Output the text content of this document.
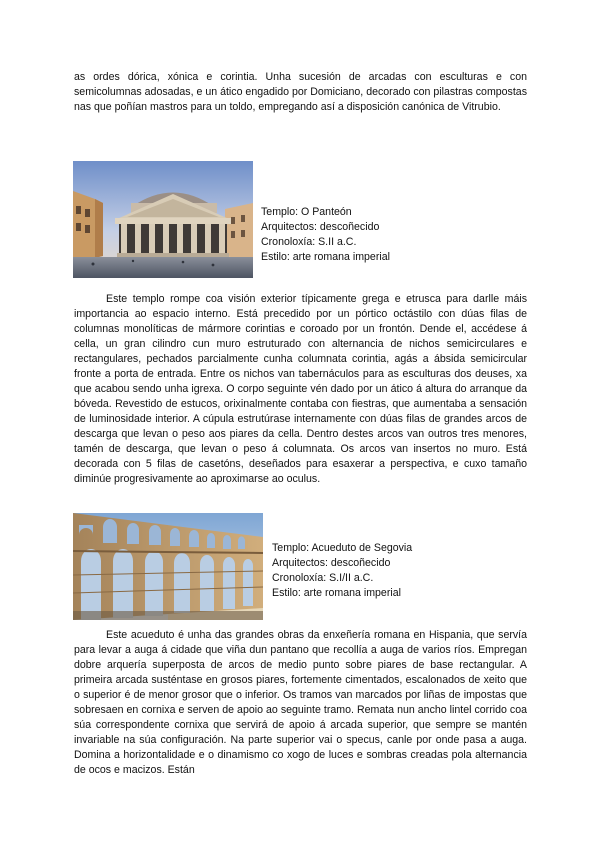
as ordes dórica, xónica e corintia. Unha sucesión de arcadas con esculturas e con semicolumnas adosadas, e un ático engadido por Domiciano, decorado con pilastras compostas nas que poñían mastros para un toldo, empregando así a disposición canónica de Vitrubio.

Templo: O Panteón
Arquitectos: descoñecido
Cronoloxía: S.II a.C.
Estilo: arte romana imperial

Este templo rompe coa visión exterior típicamente grega e etrusca para darlle máis importancia ao espacio interno. Está precedido por un pórtico octástilo con dúas filas de columnas monolíticas de mármore corintias e coroado por un frontón. Dende el, accédese á cella, un gran cilindro cun muro estruturado con alternancia de nichos semicirculares e rectangulares, pechados parcialmente cunha columnata corintia, agás a ábsida semicircular fronte a porta de entrada. Entre os nichos van tabernáculos para as esculturas dos deuses, xa que acabou sendo unha igrexa. O corpo seguinte vén dado por un ático á altura do arranque da bóveda. Revestido de estucos, orixinalmente contaba con fiestras, que aumentaba a sensación de luminosidade interior. A cúpula estrutúrase internamente con dúas filas de grandes arcos de descarga que levan o peso aos piares da cella. Dentro destes arcos van outros tres menores, tamén de descarga, que levan o peso á columnata. Os arcos van insertos no muro. Está decorada con 5 filas de casetóns, deseñados para esaxerar a perspectiva, e cuxo tamaño diminúe progresivamente ao aproximarse ao oculus.

Templo: Acueduto de Segovia
Arquitectos: descoñecido
Cronoloxía: S.I/II a.C.
Estilo: arte romana imperial

Este acueduto é unha das grandes obras da enxeñería romana en Hispania, que servía para levar a auga á cidade que viña dun pantano que recollía a auga de varios ríos. Empregan dobre arquería superposta de arcos de medio punto sobre piares de base rectangular. A primeira arcada susténtase en grosos piares, fortemente cimentados, escalonados de xeito que o superior é de menor grosor que o inferior. Os tramos van marcados por liñas de impostas que sobresaen en cornixa e serven de apoio ao seguinte tramo. Remata nun ancho lintel corrido coa súa correspondente cornixa que servirá de apoio á arcada superior, que sempre se mantén invariable na súa configuración. Na parte superior vai o specus, canle por onde pasa a auga. Domina a horizontalidade e o dinamismo co xogo de luces e sombras creadas pola alternancia de ocos e macizos. Están
